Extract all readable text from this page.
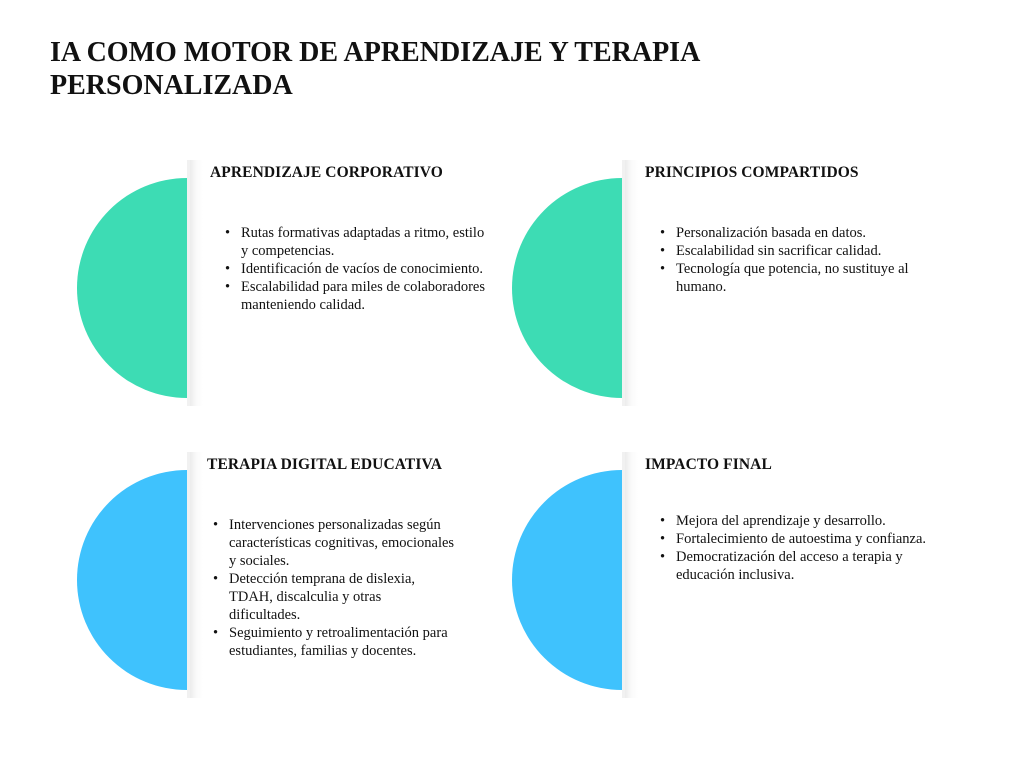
IA COMO MOTOR DE APRENDIZAJE Y TERAPIA PERSONALIZADA
APRENDIZAJE CORPORATIVO
• Rutas formativas adaptadas a ritmo, estilo y competencias.
• Identificación de vacíos de conocimiento.
• Escalabilidad para miles de colaboradores manteniendo calidad.
PRINCIPIOS COMPARTIDOS
• Personalización basada en datos.
• Escalabilidad sin sacrificar calidad.
• Tecnología que potencia, no sustituye al humano.
TERAPIA DIGITAL EDUCATIVA
• Intervenciones personalizadas según características cognitivas, emocionales y sociales.
• Detección temprana de dislexia, TDAH, discalculia y otras dificultades.
• Seguimiento y retroalimentación para estudiantes, familias y docentes.
IMPACTO FINAL
• Mejora del aprendizaje y desarrollo.
• Fortalecimiento de autoestima y confianza.
• Democratización del acceso a terapia y educación inclusiva.
